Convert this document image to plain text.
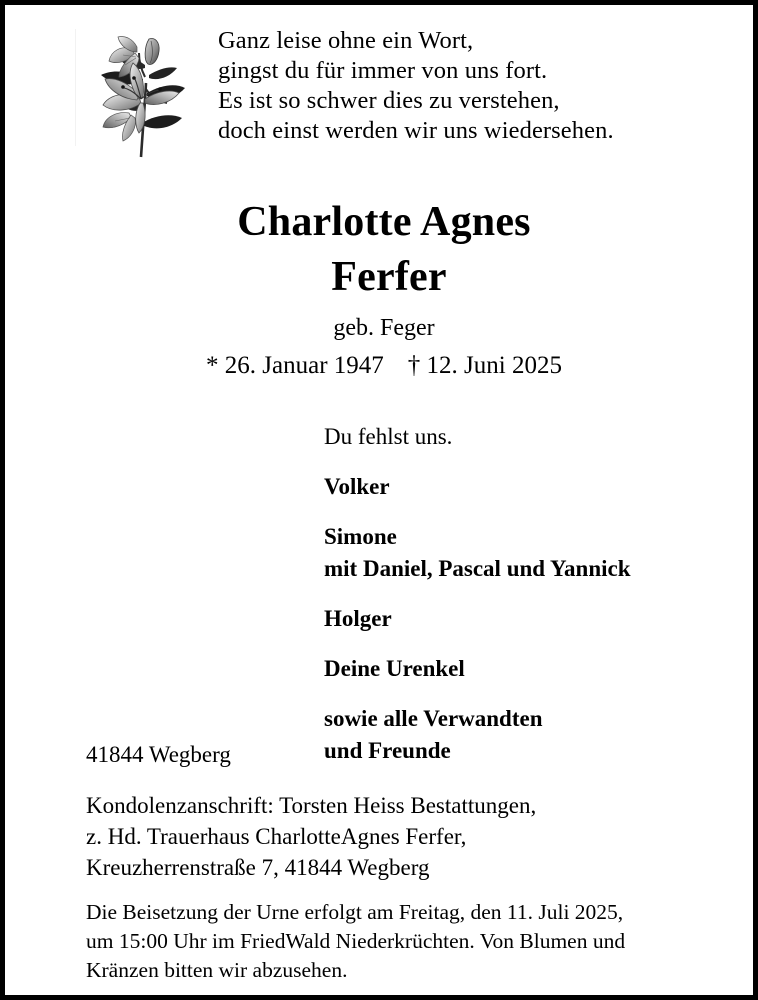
Ganz leise ohne ein Wort,
gingst du für immer von uns fort.
Es ist so schwer dies zu verstehen,
doch einst werden wir uns wiedersehen.
Charlotte Agnes
Ferfer
geb. Feger
* 26. Januar 1947 † 12. Juni 2025
Du fehlst uns.
Volker
Simone
mit Daniel, Pascal und Yannick
Holger
Deine Urenkel
sowie alle Verwandten
und Freunde
41844 Wegberg
Kondolenzanschrift: Torsten Heiss Bestattungen,
z. Hd. Trauerhaus CharlotteAgnes Ferfer,
Kreuzherrenstraße 7, 41844 Wegberg
Die Beisetzung der Urne erfolgt am Freitag, den 11. Juli 2025,
um 15:00 Uhr im FriedWald Niederkrüchten. Von Blumen und
Kränzen bitten wir abzusehen.
